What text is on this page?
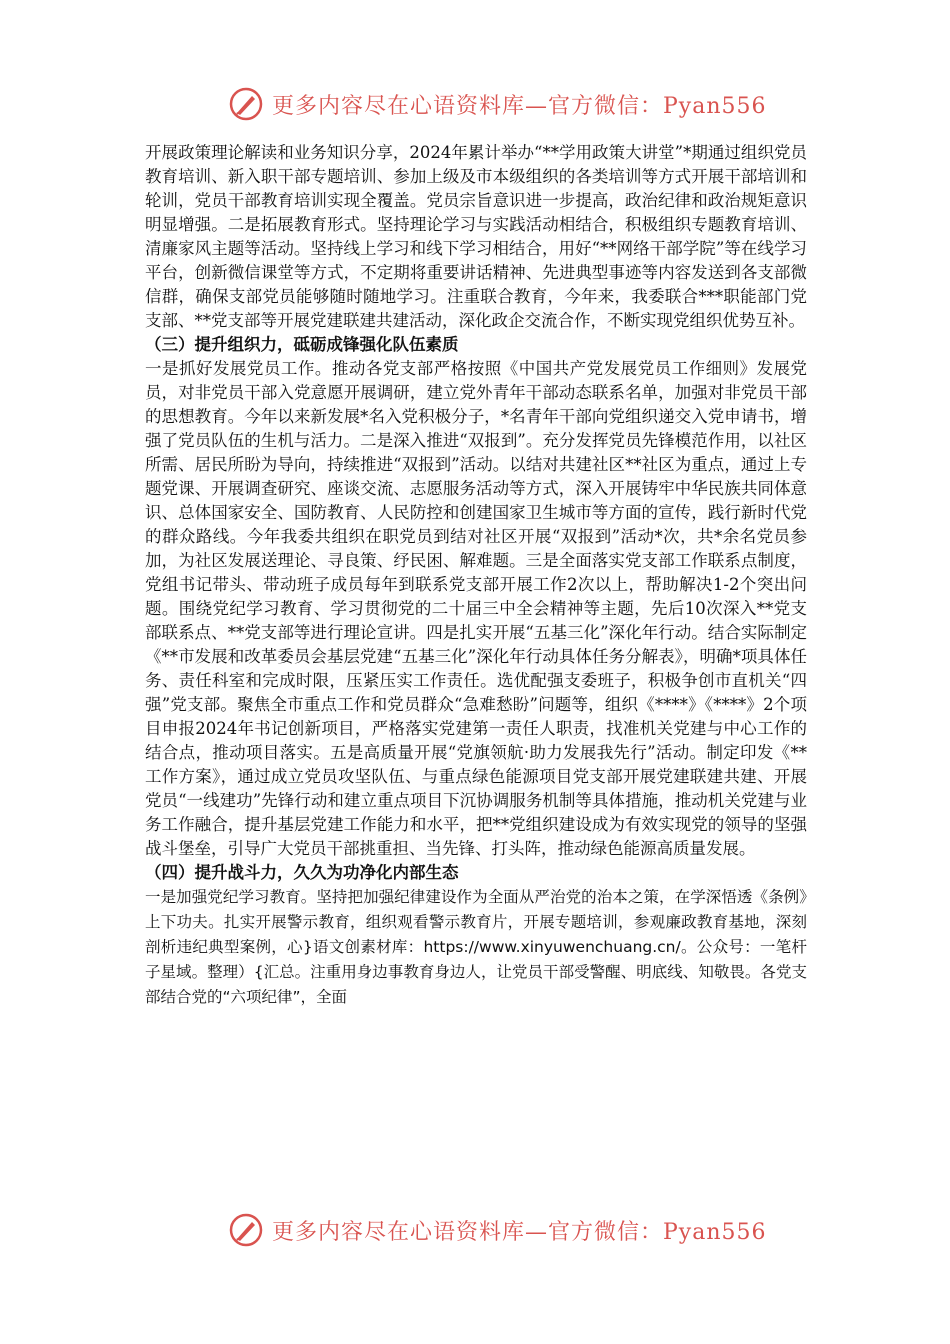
更多内容尽在心语资料库—官方微信：Pyan556

开展政策理论解读和业务知识分享，2024年累计举办“**学用政策大讲堂”*期通过组织党员教育培训、新入职干部专题培训、参加上级及市本级组织的各类培训等方式开展干部培训和轮训，党员干部教育培训实现全覆盖。党员宗旨意识进一步提高，政治纪律和政治规矩意识明显增强。二是拓展教育形式。坚持理论学习与实践活动相结合，积极组织专题教育培训、清廉家风主题等活动。坚持线上学习和线下学习相结合，用好“**网络干部学院”等在线学习平台，创新微信课堂等方式，不定期将重要讲话精神、先进典型事迹等内容发送到各支部微信群，确保支部党员能够随时随地学习。注重联合教育，今年来，我委联合***职能部门党支部、**党支部等开展党建联建共建活动，深化政企交流合作，不断实现党组织优势互补。

（三）提升组织力，砥砺成锋强化队伍素质

一是抓好发展党员工作。推动各党支部严格按照《中国共产党发展党员工作细则》发展党员，对非党员干部入党意愿开展调研，建立党外青年干部动态联系名单，加强对非党员干部的思想教育。今年以来新发展*名入党积极分子，*名青年干部向党组织递交入党申请书，增强了党员队伍的生机与活力。二是深入推进“双报到”。充分发挥党员先锋模范作用，以社区所需、居民所盼为导向，持续推进“双报到”活动。以结对共建社区**社区为重点，通过上专题党课、开展调查研究、座谈交流、志愿服务活动等方式，深入开展铸牢中华民族共同体意识、总体国家安全、国防教育、人民防控和创建国家卫生城市等方面的宣传，践行新时代党的群众路线。今年我委共组织在职党员到结对社区开展“双报到”活动*次，共*余名党员参加，为社区发展送理论、寻良策、纾民困、解难题。三是全面落实党支部工作联系点制度，党组书记带头、带动班子成员每年到联系党支部开展工作2次以上，帮助解决1-2个突出问题。围绕党纪学习教育、学习贯彻党的二十届三中全会精神等主题，先后10次深入**党支部联系点、**党支部等进行理论宣讲。四是扎实开展“五基三化”深化年行动。结合实际制定《**市发展和改革委员会基层党建“五基三化”深化年行动具体任务分解表》，明确*项具体任务、责任科室和完成时限，压紧压实工作责任。选优配强支委班子，积极争创市直机关“四强”党支部。聚焦全市重点工作和党员群众“急难愁盼”问题等，组织《****》《****》2个项目申报2024年书记创新项目，严格落实党建第一责任人职责，找准机关党建与中心工作的结合点，推动项目落实。五是高质量开展“党旗领航·助力发展我先行”活动。制定印发《**工作方案》，通过成立党员攻坚队伍、与重点绿色能源项目党支部开展党建联建共建、开展党员“一线建功”先锋行动和建立重点项目下沉协调服务机制等具体措施，推动机关党建与业务工作融合，提升基层党建工作能力和水平，把**党组织建设成为有效实现党的领导的坚强战斗堡垒，引导广大党员干部挑重担、当先锋、打头阵，推动绿色能源高质量发展。

（四）提升战斗力，久久为功净化内部生态

一是加强党纪学习教育。坚持把加强纪律建设作为全面从严治党的治本之策，在学深悟透《条例》上下功夫。扎实开展警示教育，组织观看警示教育片，开展专题培训，参观廉政教育基地，深刻剖析违纪典型案例，心}语文创素材库：https://www.xinyuwenchuang.cn/。公众号：一笔杆子星域。整理）{汇总。注重用身边事教育身边人，让党员干部受警醒、明底线、知敬畏。各党支部结合党的“六项纪律”，全面

更多内容尽在心语资料库—官方微信：Pyan556
